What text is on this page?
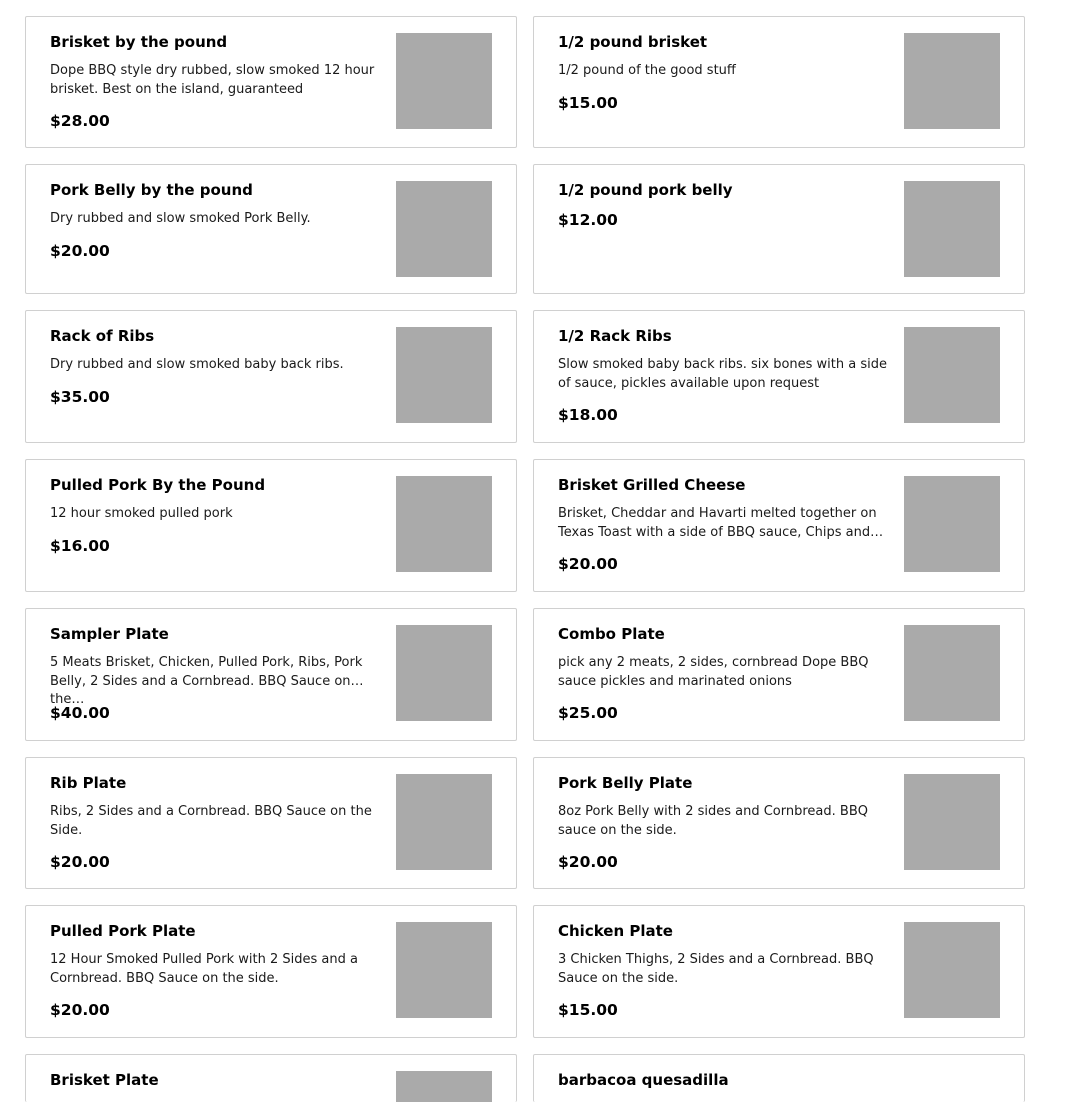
Brisket by the pound
Dope BBQ style dry rubbed, slow smoked 12 hour brisket. Best on the island, guaranteed
$28.00
1/2 pound brisket
1/2 pound of the good stuff
$15.00
Pork Belly by the pound
Dry rubbed and slow smoked Pork Belly.
$20.00
1/2 pound pork belly
$12.00
Rack of Ribs
Dry rubbed and slow smoked baby back ribs.
$35.00
1/2 Rack Ribs
Slow smoked baby back ribs. six bones with a side of sauce, pickles available upon request
$18.00
Pulled Pork By the Pound
12 hour smoked pulled pork
$16.00
Brisket Grilled Cheese
Brisket, Cheddar and Havarti melted together on Texas Toast with a side of BBQ sauce, Chips and…
$20.00
Sampler Plate
5 Meats Brisket, Chicken, Pulled Pork, Ribs, Pork Belly, 2 Sides and a Cornbread. BBQ Sauce on the…
$40.00
Combo Plate
pick any 2 meats, 2 sides, cornbread Dope BBQ sauce pickles and marinated onions
$25.00
Rib Plate
Ribs, 2 Sides and a Cornbread. BBQ Sauce on the Side.
$20.00
Pork Belly Plate
8oz Pork Belly with 2 sides and Cornbread. BBQ sauce on the side.
$20.00
Pulled Pork Plate
12 Hour Smoked Pulled Pork with 2 Sides and a Cornbread. BBQ Sauce on the side.
$20.00
Chicken Plate
3 Chicken Thighs, 2 Sides and a Cornbread. BBQ Sauce on the side.
$15.00
Brisket Plate	barbacoa quesadilla
